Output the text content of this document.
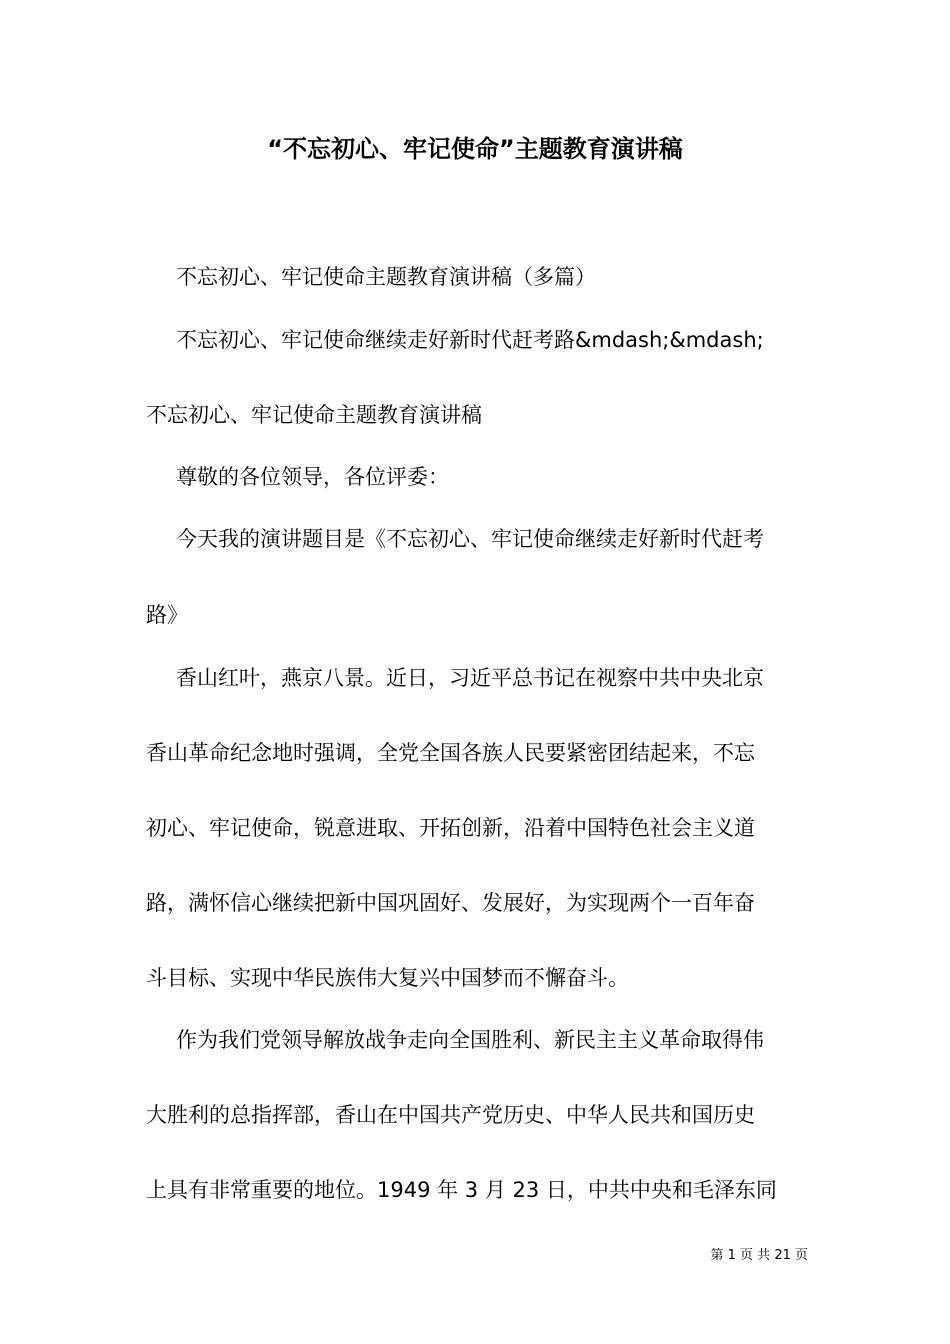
“不忘初心、牢记使命”主题教育演讲稿

不忘初心、牢记使命主题教育演讲稿（多篇）

不忘初心、牢记使命继续走好新时代赶考路&mdash;&mdash;

不忘初心、牢记使命主题教育演讲稿

尊敬的各位领导，各位评委：

今天我的演讲题目是《不忘初心、牢记使命继续走好新时代赶考

路》

香山红叶，燕京八景。近日，习近平总书记在视察中共中央北京

香山革命纪念地时强调，全党全国各族人民要紧密团结起来，不忘

初心、牢记使命，锐意进取、开拓创新，沿着中国特色社会主义道

路，满怀信心继续把新中国巩固好、发展好，为实现两个一百年奋

斗目标、实现中华民族伟大复兴中国梦而不懈奋斗。

作为我们党领导解放战争走向全国胜利、新民主主义革命取得伟

大胜利的总指挥部，香山在中国共产党历史、中华人民共和国历史

上具有非常重要的地位。1949 年 3 月 23 日，中共中央和毛泽东同

第 1 页 共 21 页
